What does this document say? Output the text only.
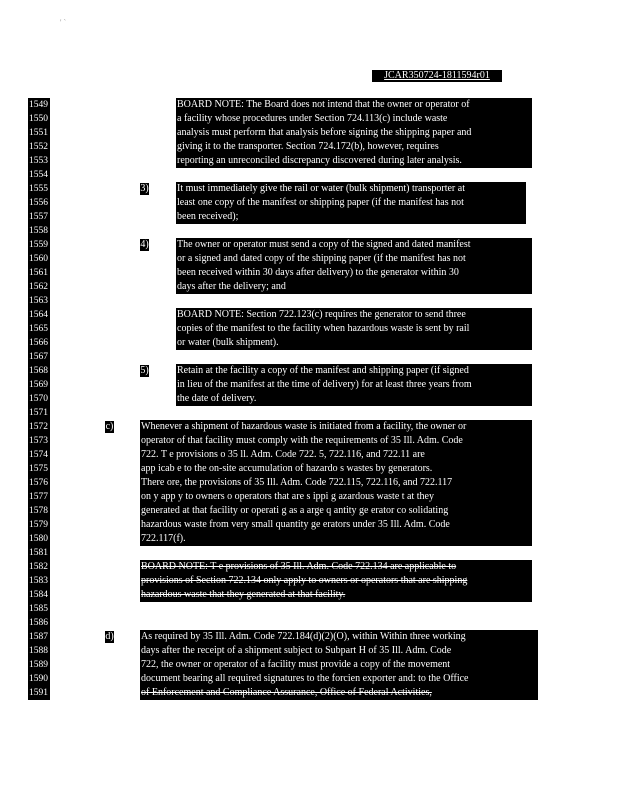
' `
JCAR350724-1811594r01
1549
1550
1551
1552
1553
1554
1555
1556
1557
1558
1559
1560
1561
1562
1563
1564
1565
1566
1567
1568
1569
1570
1571
1572
1573
1574
1575
1576
1577
1578
1579
1580
1581
1582
1583
1584
1585
1586
1587
1588
1589
1590
1591
BOARD NOTE: The Board does not intend that the owner or operator of
a facility whose procedures under Section 724.113(c) include waste
analysis must perform that analysis before signing the shipping paper and
giving it to the transporter. Section 724.172(b), however, requires
reporting an unreconciled discrepancy discovered during later analysis.
3)	It must immediately give the rail or water (bulk shipment) transporter at
least one copy of the manifest or shipping paper (if the manifest has not
been received);
4)	The owner or operator must send a copy of the signed and dated manifest
or a signed and dated copy of the shipping paper (if the manifest has not
been received within 30 days after delivery) to the generator within 30
days after the delivery; and
BOARD NOTE: Section 722.123(c) requires the generator to send three
copies of the manifest to the facility when hazardous waste is sent by rail
or water (bulk shipment).
5)	Retain at the facility a copy of the manifest and shipping paper (if signed
in lieu of the manifest at the time of delivery) for at least three years from
the date of delivery.
c)	Whenever a shipment of hazardous waste is initiated from a facility, the owner or
operator of that facility must comply with the requirements of 35 Ill. Adm. Code
722. T e provisions o 35 ll. Adm. Code 722. 5, 722.116, and 722.11 are
app icab e to the on-site accumulation of hazardo s wastes by generators.
There ore, the provisions of 35 Ill. Adm. Code 722.115, 722.116, and 722.117
on y app y to owners o operators that are s ippi g azardous waste t at they
generated at that facility or operati g as a arge q antity ge erator co solidating
hazardous waste from very small quantity ge erators under 35 Ill. Adm. Code
722.117(f).
BOARD NOTE: T e provisions of 35 Ill. Adm. Code 722.134 are applicable to
provisions of Section 722.134 only apply to owners or operators that are shipping
hazardous waste that they generated at that facility.
d)	As required by 35 Ill. Adm. Code 722.184(d)(2)(O), within Within three working
days after the receipt of a shipment subject to Subpart H of 35 Ill. Adm. Code
722, the owner or operator of a facility must provide a copy of the movement
document bearing all required signatures to the forcien exporter and: to the Office
of Enforcement and Compliance Assurance, Office of Federal Activities,
